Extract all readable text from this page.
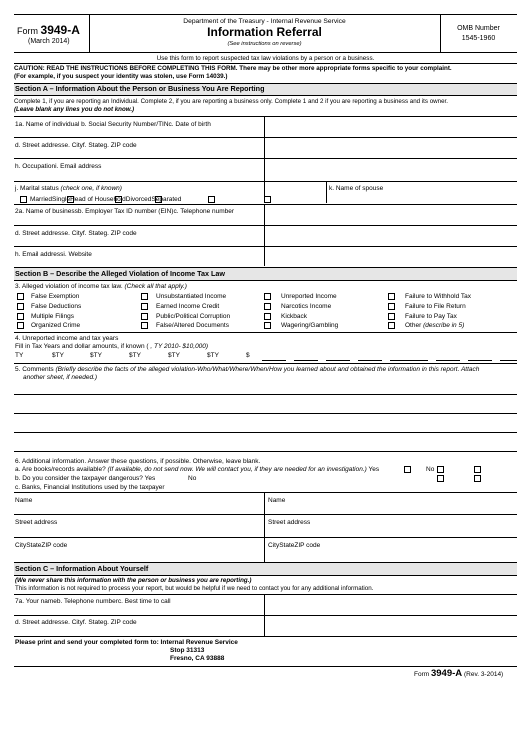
Form 3949-A
(March 2014)
Department of the Treasury - Internal Revenue Service
Information Referral
(See instructions on reverse)
OMB Number
1545-1960
Use this form to report suspected tax law violations by a person or a business.
CAUTION: READ THE INSTRUCTIONS BEFORE COMPLETING THIS FORM. There may be other more appropriate forms specific to your complaint.
(For example, if you suspect your identity was stolen, use Form 14039.)
Section A – Information About the Person or Business You Are Reporting
Complete 1, if you are reporting an Individual. Complete 2, if you are reporting a business only. Complete 1 and 2 if you are reporting a business and its owner.
(Leave blank any lines you do not know.)
1a. Name of individual b. Social Security Number/TINc. Date of birth
d. Street addresse. Cityf. Stateg. ZIP code
h. Occupationi. Email address
j. Marital status (check one, if known)	k. Name of spouse
MarriedSingleHead of HouseholdDivorcedSeparated
2a. Name of businessb. Employer Tax ID number (EIN)c. Telephone number
d. Street addresse. Cityf. Stateg. ZIP code
h. Email addressi. Website
Section B – Describe the Alleged Violation of Income Tax Law
3. Alleged violation of income tax law. (Check all that apply.)
False Exemption	Unsubstantiated Income	Unreported Income	Failure to Withhold Tax
False Deductions	Earned Income Credit	Narcotics Income	Failure to File Return
Multiple Filings	Public/Political Corruption	Kickback	Failure to Pay Tax
Organized Crime	False/Altered Documents	Wagering/Gambling	Other (describe in 5)
4. Unreported income and tax years
Fill in Tax Years and dollar amounts, if known ( , TY 2010- $10,000)
TY	$TY	$TY	$TY	$TY	$TY	$
5. Comments (Briefly describe the facts of the alleged violation-Who/What/Where/When/How you learned about and obtained the information in this report. Attach
another sheet, if needed.)
6. Additional information. Answer these questions, if possible. Otherwise, leave blank.
a. Are books/records available? (If available, do not send now. We will contact you, if they are needed for an investigation.) Yes	No
b. Do you consider the taxpayer dangerous? Yes	No
c. Banks, Financial Institutions used by the taxpayer
Name	Name
Street address	Street address
CityStateZIP code	CityStateZIP code
Section C – Information About Yourself
(We never share this information with the person or business you are reporting.)
This information is not required to process your report, but would be helpful if we need to contact you for any additional information.
7a. Your nameb. Telephone numberc. Best time to call
d. Street addresse. Cityf. Stateg. ZIP code
Please print and send your completed form to: Internal Revenue Service
Stop 31313
Fresno, CA 93888
Form 3949-A (Rev. 3-2014)
